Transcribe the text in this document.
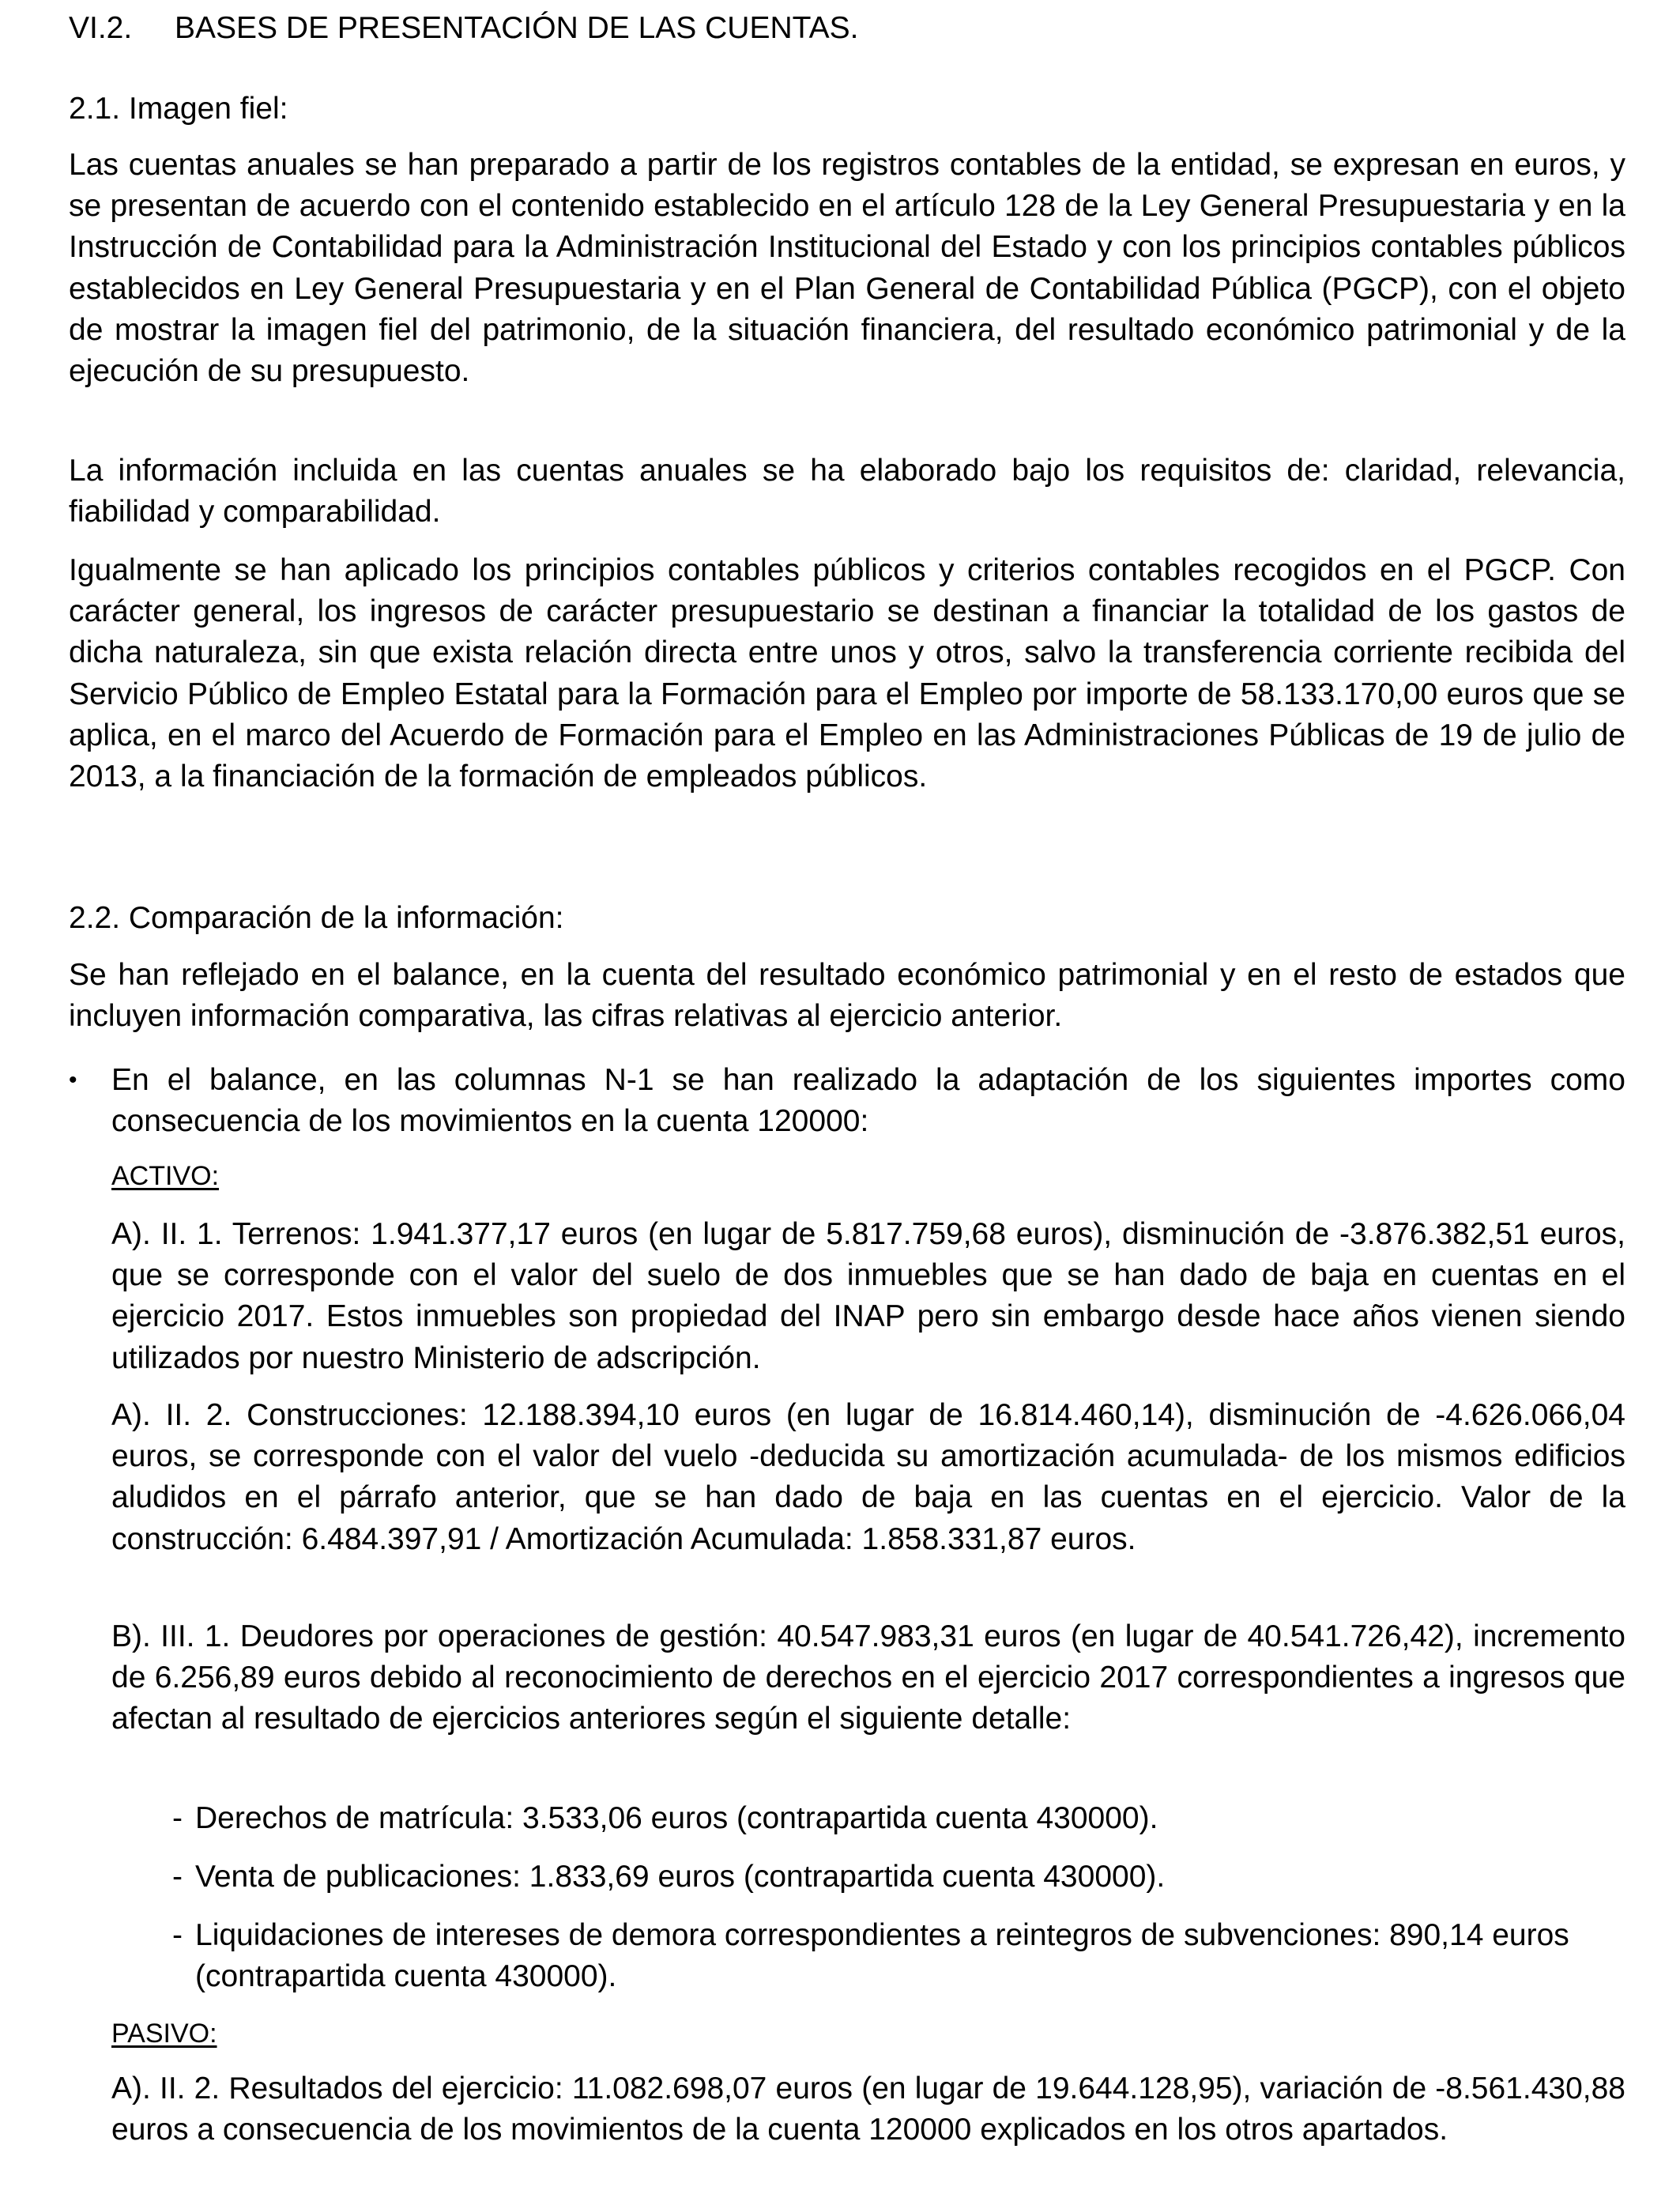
VI.2. BASES DE PRESENTACIÓN DE LAS CUENTAS.
2.1. Imagen fiel:
Las cuentas anuales se han preparado a partir de los registros contables de la entidad, se expresan en euros, y se presentan de acuerdo con el contenido establecido en el artículo 128 de la Ley General Presupuestaria y en la Instrucción de Contabilidad para la Administración Institucional del Estado y con los principios contables públicos establecidos en Ley General Presupuestaria y en el Plan General de Contabilidad Pública (PGCP), con el objeto de mostrar la imagen fiel del patrimonio, de la situación financiera, del resultado económico patrimonial y de la ejecución de su presupuesto.
La información incluida en las cuentas anuales se ha elaborado bajo los requisitos de: claridad, relevancia, fiabilidad y comparabilidad.
Igualmente se han aplicado los principios contables públicos y criterios contables recogidos en el PGCP. Con carácter general, los ingresos de carácter presupuestario se destinan a financiar la totalidad de los gastos de dicha naturaleza, sin que exista relación directa entre unos y otros, salvo la transferencia corriente recibida del Servicio Público de Empleo Estatal para la Formación para el Empleo por importe de 58.133.170,00 euros que se aplica, en el marco del Acuerdo de Formación para el Empleo en las Administraciones Públicas de 19 de julio de 2013, a la financiación de la formación de empleados públicos.
2.2. Comparación de la información:
Se han reflejado en el balance, en la cuenta del resultado económico patrimonial y en el resto de estados que incluyen información comparativa, las cifras relativas al ejercicio anterior.
• En el balance, en las columnas N-1 se han realizado la adaptación de los siguientes importes como consecuencia de los movimientos en la cuenta 120000:
ACTIVO:
A). II. 1. Terrenos: 1.941.377,17 euros (en lugar de 5.817.759,68 euros), disminución de -3.876.382,51 euros, que se corresponde con el valor del suelo de dos inmuebles que se han dado de baja en cuentas en el ejercicio 2017. Estos inmuebles son propiedad del INAP pero sin embargo desde hace años vienen siendo utilizados por nuestro Ministerio de adscripción.
A). II. 2. Construcciones: 12.188.394,10 euros (en lugar de 16.814.460,14), disminución de -4.626.066,04 euros, se corresponde con el valor del vuelo -deducida su amortización acumulada- de los mismos edificios aludidos en el párrafo anterior, que se han dado de baja en las cuentas en el ejercicio. Valor de la construcción: 6.484.397,91 / Amortización Acumulada: 1.858.331,87 euros.
B). III. 1. Deudores por operaciones de gestión: 40.547.983,31 euros (en lugar de 40.541.726,42), incremento de 6.256,89 euros debido al reconocimiento de derechos en el ejercicio 2017 correspondientes a ingresos que afectan al resultado de ejercicios anteriores según el siguiente detalle:
- Derechos de matrícula: 3.533,06 euros (contrapartida cuenta 430000).
- Venta de publicaciones: 1.833,69 euros (contrapartida cuenta 430000).
- Liquidaciones de intereses de demora correspondientes a reintegros de subvenciones: 890,14 euros (contrapartida cuenta 430000).
PASIVO:
A). II. 2. Resultados del ejercicio: 11.082.698,07 euros (en lugar de 19.644.128,95), variación de -8.561.430,88 euros a consecuencia de los movimientos de la cuenta 120000 explicados en los otros apartados.
